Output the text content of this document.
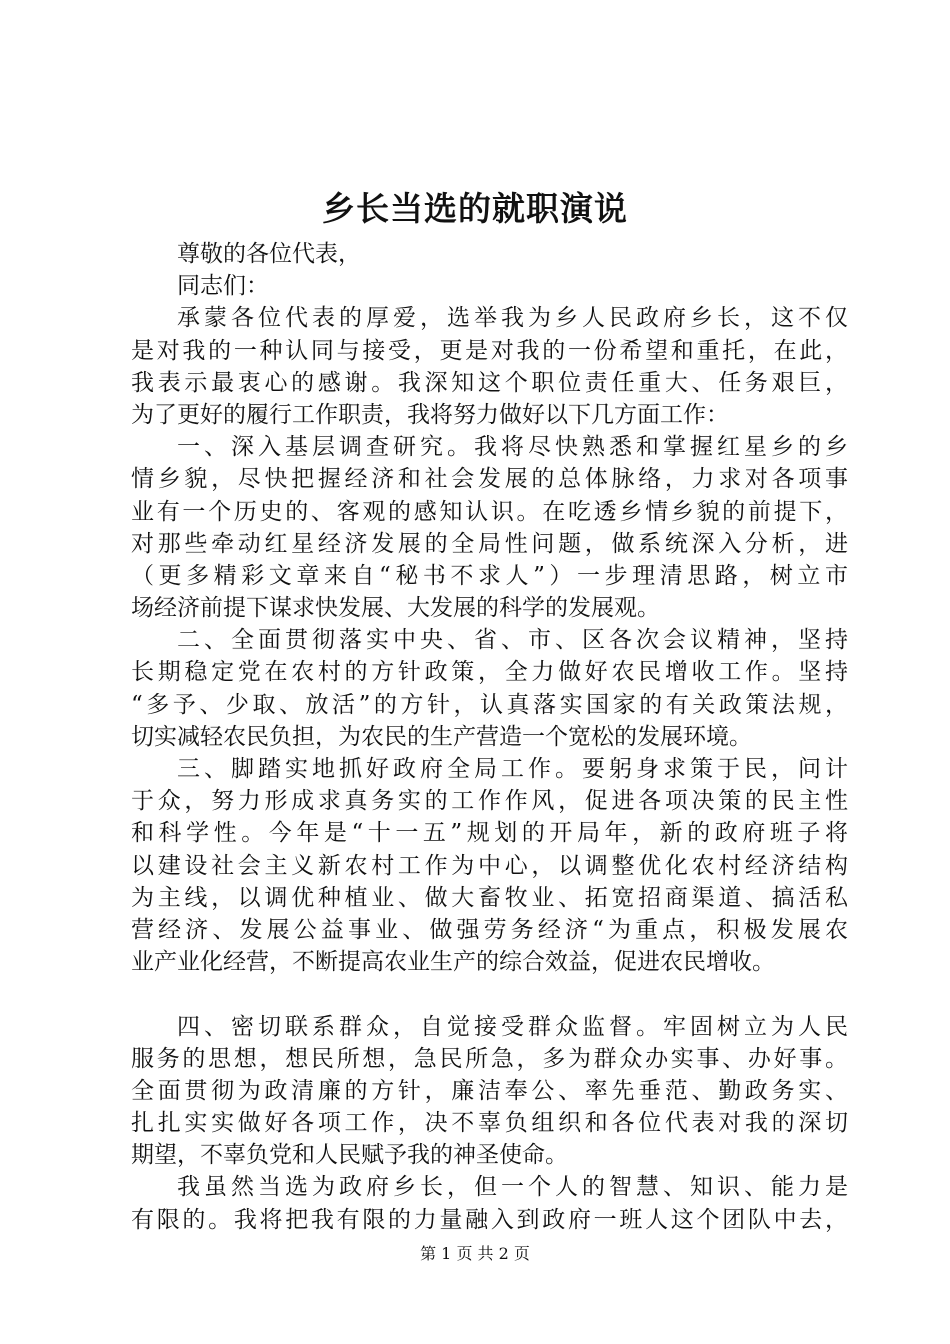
乡长当选的就职演说
尊敬的各位代表，
同志们：
承蒙各位代表的厚爱，选举我为乡人民政府乡长，这不仅
是对我的一种认同与接受，更是对我的一份希望和重托，在此，
我表示最衷心的感谢。我深知这个职位责任重大、任务艰巨，
为了更好的履行工作职责，我将努力做好以下几方面工作：
一、深入基层调查研究。我将尽快熟悉和掌握红星乡的乡
情乡貌，尽快把握经济和社会发展的总体脉络，力求对各项事
业有一个历史的、客观的感知认识。在吃透乡情乡貌的前提下，
对那些牵动红星经济发展的全局性问题，做系统深入分析，进
（更多精彩文章来自“秘书不求人”）一步理清思路，树立市
场经济前提下谋求快发展、大发展的科学的发展观。
二、全面贯彻落实中央、省、市、区各次会议精神，坚持
长期稳定党在农村的方针政策，全力做好农民增收工作。坚持
“多予、少取、放活”的方针，认真落实国家的有关政策法规，
切实减轻农民负担，为农民的生产营造一个宽松的发展环境。
三、脚踏实地抓好政府全局工作。要躬身求策于民，问计
于众，努力形成求真务实的工作作风，促进各项决策的民主性
和科学性。今年是“十一五”规划的开局年，新的政府班子将
以建设社会主义新农村工作为中心，以调整优化农村经济结构
为主线，以调优种植业、做大畜牧业、拓宽招商渠道、搞活私
营经济、发展公益事业、做强劳务经济“为重点，积极发展农
业产业化经营，不断提高农业生产的综合效益，促进农民增收。
四、密切联系群众，自觉接受群众监督。牢固树立为人民
服务的思想，想民所想，急民所急，多为群众办实事、办好事。
全面贯彻为政清廉的方针，廉洁奉公、率先垂范、勤政务实、
扎扎实实做好各项工作，决不辜负组织和各位代表对我的深切
期望，不辜负党和人民赋予我的神圣使命。
我虽然当选为政府乡长，但一个人的智慧、知识、能力是
有限的。我将把我有限的力量融入到政府一班人这个团队中去，
第 1 页 共 2 页
